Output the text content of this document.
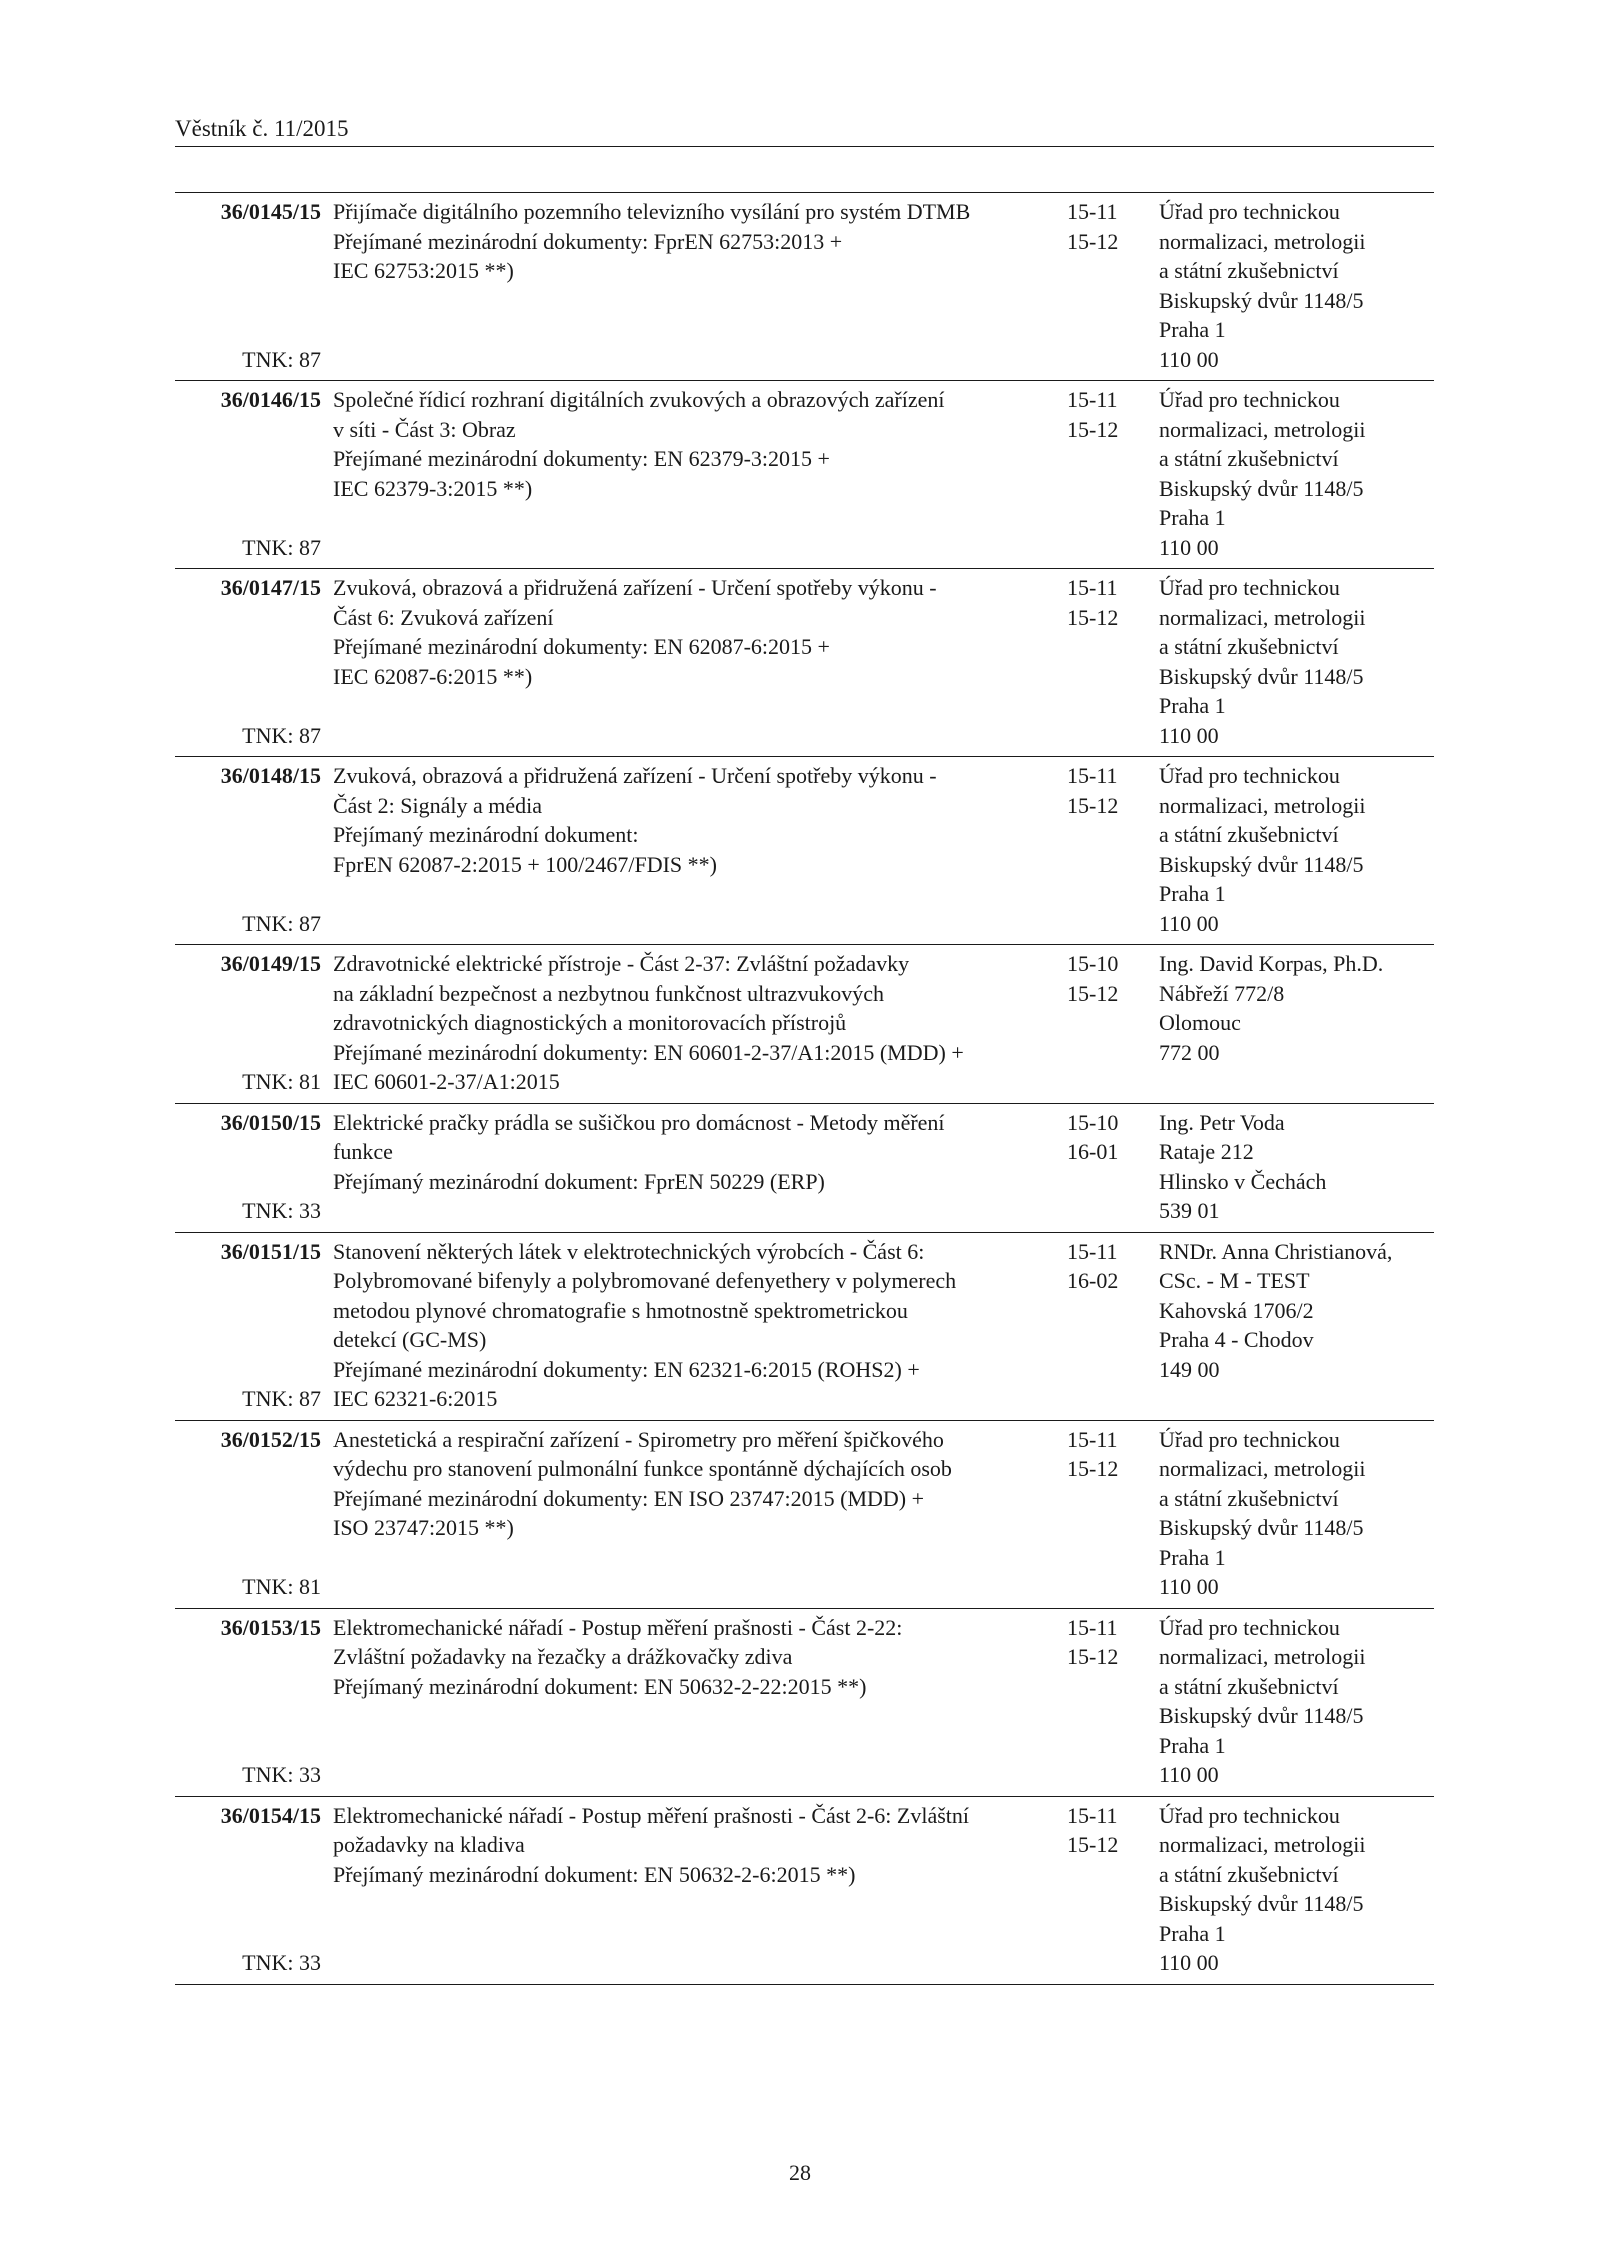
Věstník č. 11/2015
36/0145/15
TNK: 87
Přijímače digitálního pozemního televizního vysílání pro systém DTMB
Přejímané mezinárodní dokumenty: FprEN 62753:2013 +
IEC 62753:2015 **)
15-11
15-12
Úřad pro technickou
normalizaci, metrologii
a státní zkušebnictví
Biskupský dvůr 1148/5
Praha 1
110 00
36/0146/15
TNK: 87
Společné řídicí rozhraní digitálních zvukových a obrazových zařízení
v síti - Část 3: Obraz
Přejímané mezinárodní dokumenty: EN 62379-3:2015 +
IEC 62379-3:2015 **)
15-11
15-12
Úřad pro technickou
normalizaci, metrologii
a státní zkušebnictví
Biskupský dvůr 1148/5
Praha 1
110 00
36/0147/15
TNK: 87
Zvuková, obrazová a přidružená zařízení - Určení spotřeby výkonu -
Část 6: Zvuková zařízení
Přejímané mezinárodní dokumenty: EN 62087-6:2015 +
IEC 62087-6:2015 **)
15-11
15-12
Úřad pro technickou
normalizaci, metrologii
a státní zkušebnictví
Biskupský dvůr 1148/5
Praha 1
110 00
36/0148/15
TNK: 87
Zvuková, obrazová a přidružená zařízení - Určení spotřeby výkonu -
Část 2: Signály a média
Přejímaný mezinárodní dokument:
FprEN 62087-2:2015 + 100/2467/FDIS **)
15-11
15-12
Úřad pro technickou
normalizaci, metrologii
a státní zkušebnictví
Biskupský dvůr 1148/5
Praha 1
110 00
36/0149/15
TNK: 81
Zdravotnické elektrické přístroje - Část 2-37: Zvláštní požadavky
na základní bezpečnost a nezbytnou funkčnost ultrazvukových
zdravotnických diagnostických a monitorovacích přístrojů
Přejímané mezinárodní dokumenty: EN 60601-2-37/A1:2015 (MDD) +
IEC 60601-2-37/A1:2015
15-10
15-12
Ing. David Korpas, Ph.D.
Nábřeží 772/8
Olomouc
772 00
36/0150/15
TNK: 33
Elektrické pračky prádla se sušičkou pro domácnost - Metody měření
funkce
Přejímaný mezinárodní dokument: FprEN 50229 (ERP)
15-10
16-01
Ing. Petr Voda
Rataje 212
Hlinsko v Čechách
539 01
36/0151/15
TNK: 87
Stanovení některých látek v elektrotechnických výrobcích - Část 6:
Polybromované bifenyly a polybromované defenyethery v polymerech
metodou plynové chromatografie s hmotnostně spektrometrickou
detekcí (GC-MS)
Přejímané mezinárodní dokumenty: EN 62321-6:2015 (ROHS2) +
IEC 62321-6:2015
15-11
16-02
RNDr. Anna Christianová,
CSc. - M - TEST
Kahovská 1706/2
Praha 4 - Chodov
149 00
36/0152/15
TNK: 81
Anestetická a respirační zařízení - Spirometry pro měření špičkového
výdechu pro stanovení pulmonální funkce spontánně dýchajících osob
Přejímané mezinárodní dokumenty: EN ISO 23747:2015 (MDD) +
ISO 23747:2015 **)
15-11
15-12
Úřad pro technickou
normalizaci, metrologii
a státní zkušebnictví
Biskupský dvůr 1148/5
Praha 1
110 00
36/0153/15
TNK: 33
Elektromechanické nářadí - Postup měření prašnosti - Část 2-22:
Zvláštní požadavky na řezačky a drážkovačky zdiva
Přejímaný mezinárodní dokument: EN 50632-2-22:2015 **)
15-11
15-12
Úřad pro technickou
normalizaci, metrologii
a státní zkušebnictví
Biskupský dvůr 1148/5
Praha 1
110 00
36/0154/15
TNK: 33
Elektromechanické nářadí - Postup měření prašnosti - Část 2-6: Zvláštní
požadavky na kladiva
Přejímaný mezinárodní dokument: EN 50632-2-6:2015 **)
15-11
15-12
Úřad pro technickou
normalizaci, metrologii
a státní zkušebnictví
Biskupský dvůr 1148/5
Praha 1
110 00
28
